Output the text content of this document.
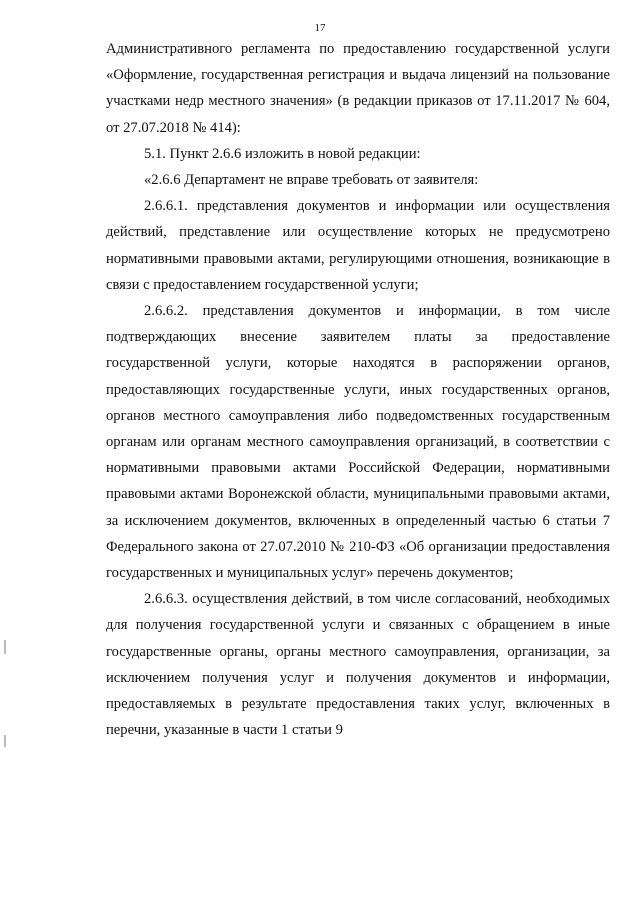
17

Административного регламента по предоставлению государственной услуги «Оформление, государственная регистрация и выдача лицензий на пользование участками недр местного значения» (в редакции приказов от 17.11.2017 № 604, от 27.07.2018 № 414):

5.1. Пункт 2.6.6 изложить в новой редакции:

«2.6.6 Департамент не вправе требовать от заявителя:

2.6.6.1. представления документов и информации или осуществления действий, представление или осуществление которых не предусмотрено нормативными правовыми актами, регулирующими отношения, возникающие в связи с предоставлением государственной услуги;

2.6.6.2. представления документов и информации, в том числе подтверждающих внесение заявителем платы за предоставление государственной услуги, которые находятся в распоряжении органов, предоставляющих государственные услуги, иных государственных органов, органов местного самоуправления либо подведомственных государственным органам или органам местного самоуправления организаций, в соответствии с нормативными правовыми актами Российской Федерации, нормативными правовыми актами Воронежской области, муниципальными правовыми актами, за исключением документов, включенных в определенный частью 6 статьи 7 Федерального закона от 27.07.2010 № 210-ФЗ «Об организации предоставления государственных и муниципальных услуг» перечень документов;

2.6.6.3. осуществления действий, в том числе согласований, необходимых для получения государственной услуги и связанных с обращением в иные государственные органы, органы местного самоуправления, организации, за исключением получения услуг и получения документов и информации, предоставляемых в результате предоставления таких услуг, включенных в перечни, указанные в части 1 статьи 9
